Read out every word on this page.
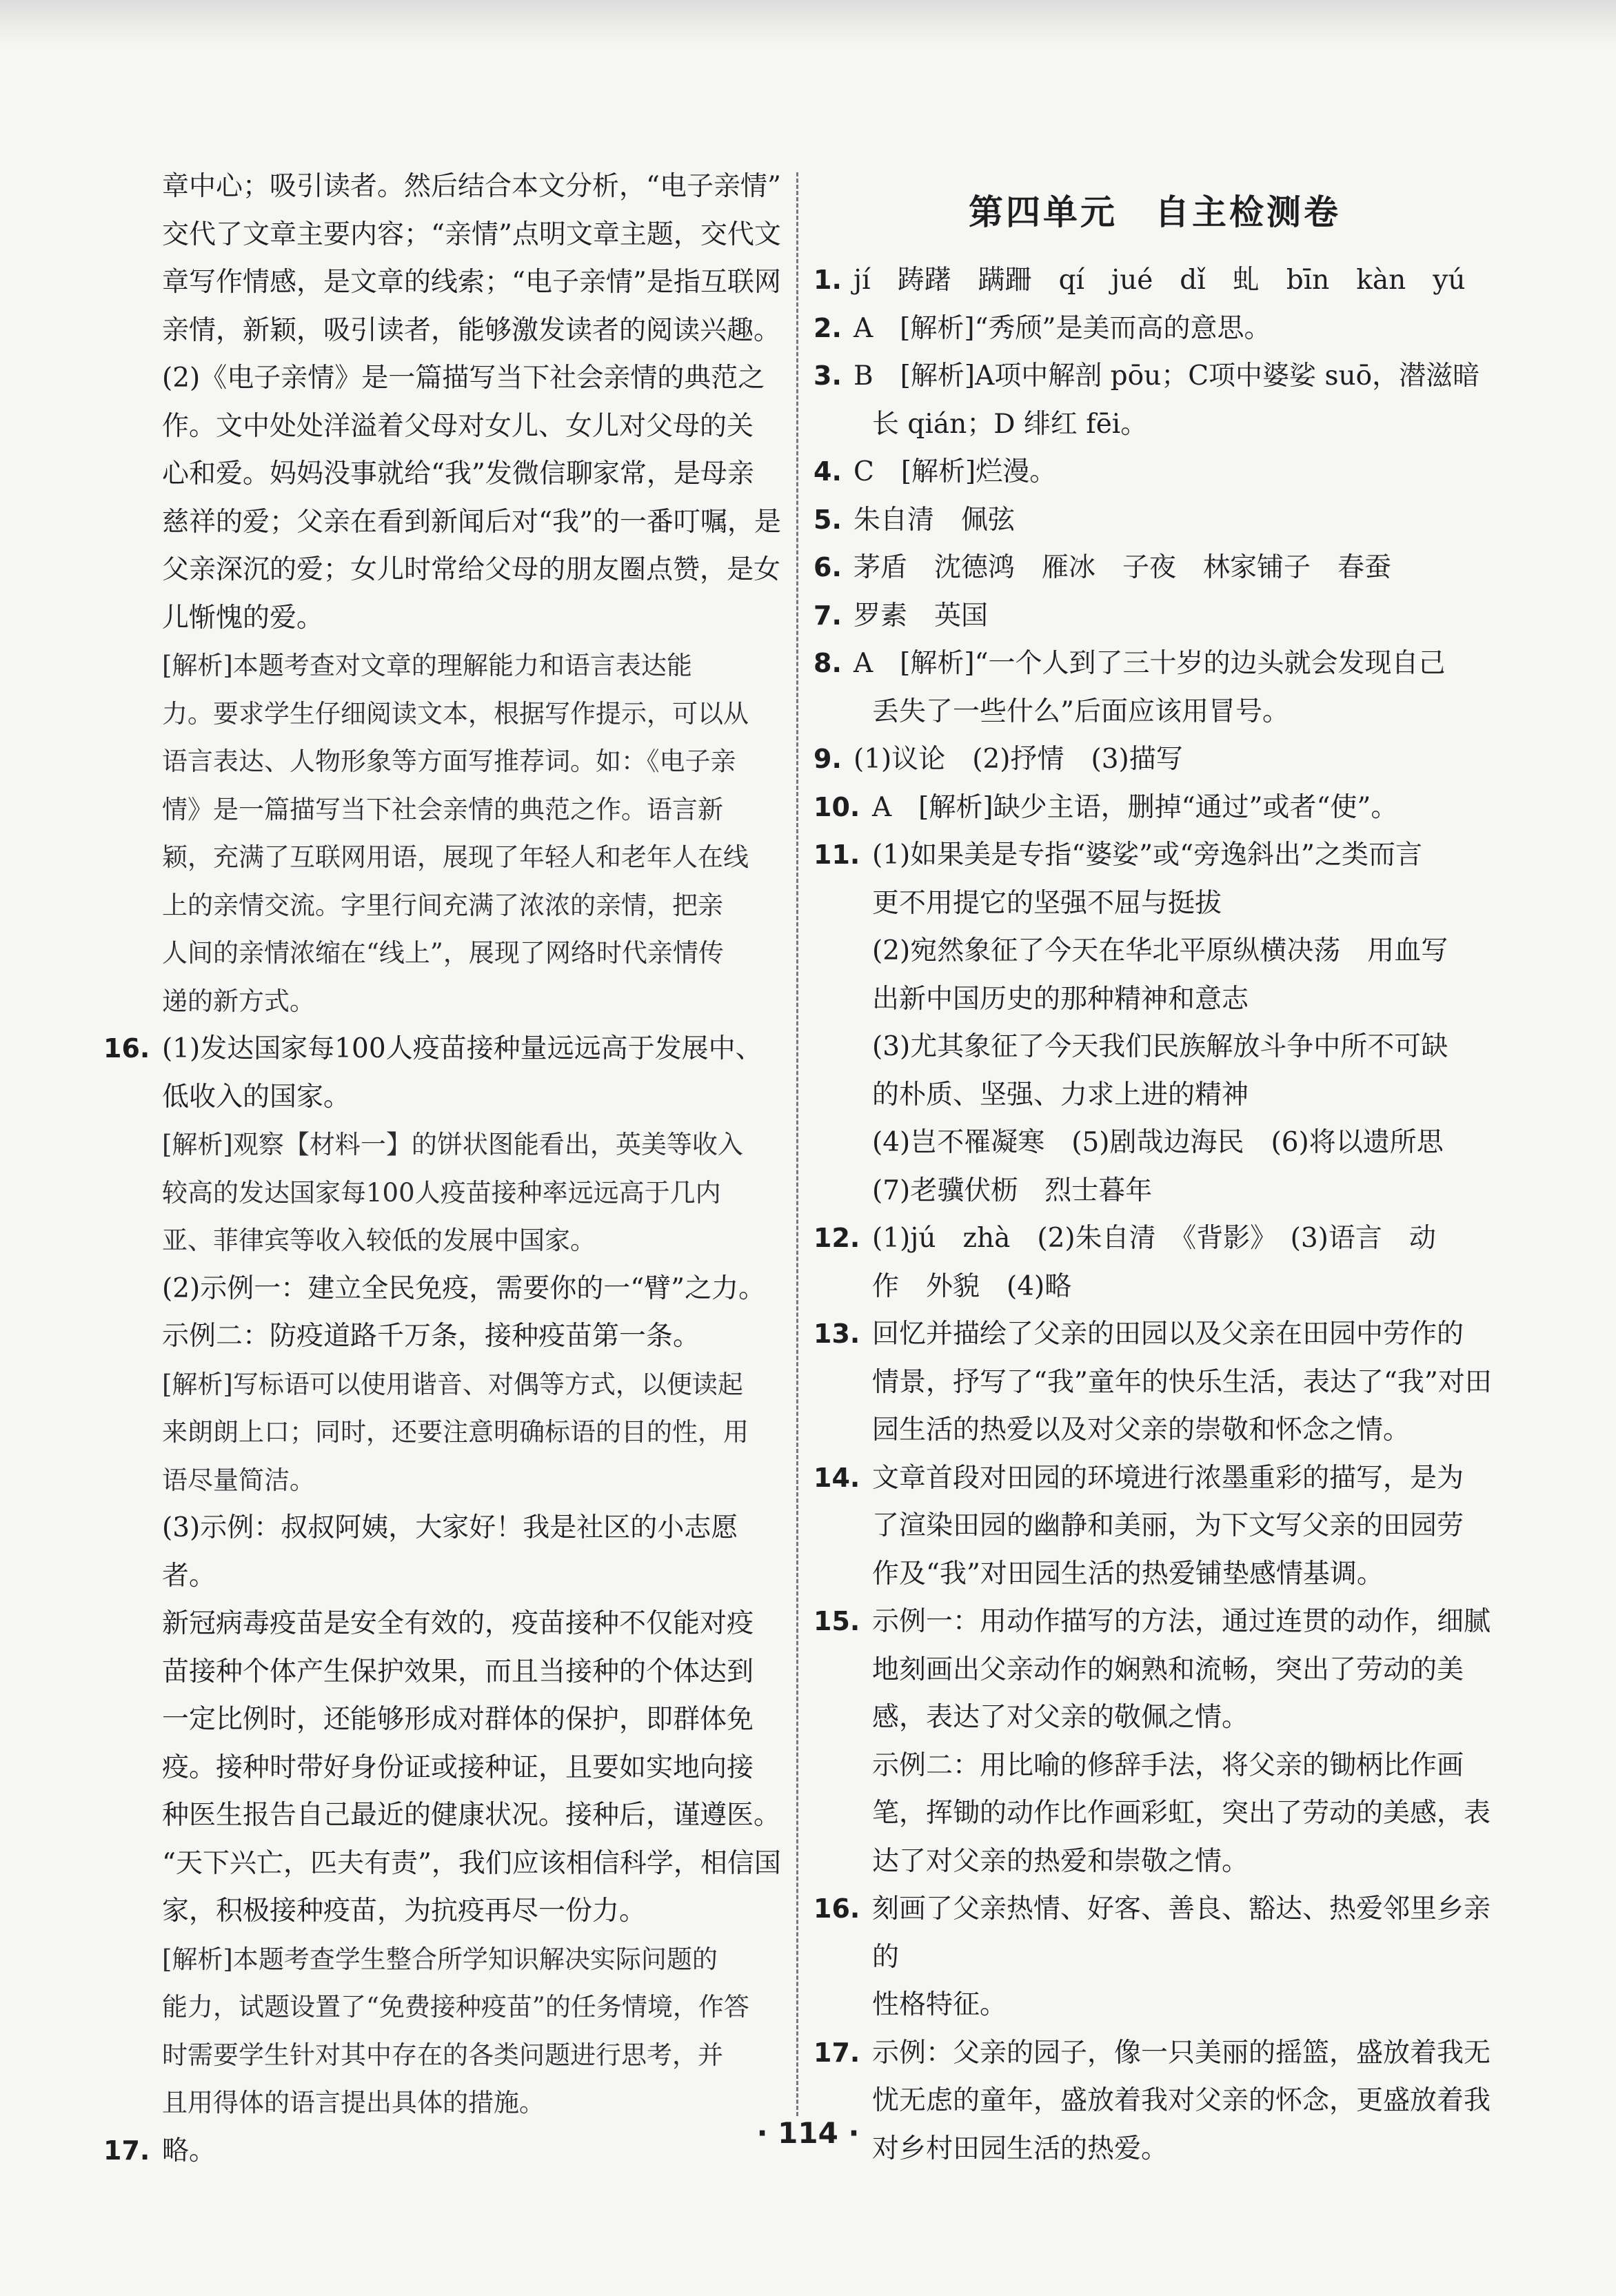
章中心；吸引读者。然后结合本文分析，“电子亲情”
交代了文章主要内容；“亲情”点明文章主题，交代文
章写作情感，是文章的线索；“电子亲情”是指互联网
亲情，新颖，吸引读者，能够激发读者的阅读兴趣。
(2)《电子亲情》是一篇描写当下社会亲情的典范之
作。文中处处洋溢着父母对女儿、女儿对父母的关
心和爱。妈妈没事就给“我”发微信聊家常，是母亲
慈祥的爱；父亲在看到新闻后对“我”的一番叮嘱，是
父亲深沉的爱；女儿时常给父母的朋友圈点赞，是女
儿惭愧的爱。
[解析]本题考查对文章的理解能力和语言表达能
力。要求学生仔细阅读文本，根据写作提示，可以从
语言表达、人物形象等方面写推荐词。如：《电子亲
情》是一篇描写当下社会亲情的典范之作。语言新
颖，充满了互联网用语，展现了年轻人和老年人在线
上的亲情交流。字里行间充满了浓浓的亲情，把亲
人间的亲情浓缩在“线上”，展现了网络时代亲情传
递的新方式。
16. (1)发达国家每100人疫苗接种量远远高于发展中、
低收入的国家。
[解析]观察【材料一】的饼状图能看出，英美等收入
较高的发达国家每100人疫苗接种率远远高于几内
亚、菲律宾等收入较低的发展中国家。
(2)示例一：建立全民免疫，需要你的一“臂”之力。
示例二：防疫道路千万条，接种疫苗第一条。
[解析]写标语可以使用谐音、对偶等方式，以便读起
来朗朗上口；同时，还要注意明确标语的目的性，用
语尽量简洁。
(3)示例：叔叔阿姨，大家好！我是社区的小志愿者。
新冠病毒疫苗是安全有效的，疫苗接种不仅能对疫
苗接种个体产生保护效果，而且当接种的个体达到
一定比例时，还能够形成对群体的保护，即群体免
疫。接种时带好身份证或接种证，且要如实地向接
种医生报告自己最近的健康状况。接种后，谨遵医。
“天下兴亡，匹夫有责”，我们应该相信科学，相信国
家，积极接种疫苗，为抗疫再尽一份力。
[解析]本题考查学生整合所学知识解决实际问题的
能力，试题设置了“免费接种疫苗”的任务情境，作答
时需要学生针对其中存在的各类问题进行思考，并
且用得体的语言提出具体的措施。
17. 略。
第四单元　自主检测卷
1. jí　踌躇　蹒跚　qí　jué　dǐ　虬　bīn　kàn　yú
2. A　[解析]“秀颀”是美而高的意思。
3. B　[解析]A项中解剖 pōu；C项中婆娑 suō，潜滋暗
长 qián；D 绯红 fēi。
4. C　[解析]烂漫。
5. 朱自清　佩弦
6. 茅盾　沈德鸿　雁冰　子夜　林家铺子　春蚕
7. 罗素　英国
8. A　[解析]“一个人到了三十岁的边头就会发现自己
丢失了一些什么”后面应该用冒号。
9. (1)议论　(2)抒情　(3)描写
10. A　[解析]缺少主语，删掉“通过”或者“使”。
11. (1)如果美是专指“婆娑”或“旁逸斜出”之类而言
更不用提它的坚强不屈与挺拔
(2)宛然象征了今天在华北平原纵横决荡　用血写
出新中国历史的那种精神和意志
(3)尤其象征了今天我们民族解放斗争中所不可缺
的朴质、坚强、力求上进的精神
(4)岂不罹凝寒　(5)剧哉边海民　(6)将以遗所思
(7)老骥伏枥　烈士暮年
12. (1)jú　zhà　(2)朱自清　《背影》　(3)语言　动
作　外貌　(4)略
13. 回忆并描绘了父亲的田园以及父亲在田园中劳作的
情景，抒写了“我”童年的快乐生活，表达了“我”对田
园生活的热爱以及对父亲的崇敬和怀念之情。
14. 文章首段对田园的环境进行浓墨重彩的描写，是为
了渲染田园的幽静和美丽，为下文写父亲的田园劳
作及“我”对田园生活的热爱铺垫感情基调。
15. 示例一：用动作描写的方法，通过连贯的动作，细腻
地刻画出父亲动作的娴熟和流畅，突出了劳动的美
感，表达了对父亲的敬佩之情。
示例二：用比喻的修辞手法，将父亲的锄柄比作画
笔，挥锄的动作比作画彩虹，突出了劳动的美感，表
达了对父亲的热爱和崇敬之情。
16. 刻画了父亲热情、好客、善良、豁达、热爱邻里乡亲的
性格特征。
17. 示例：父亲的园子，像一只美丽的摇篮，盛放着我无
忧无虑的童年，盛放着我对父亲的怀念，更盛放着我
对乡村田园生活的热爱。
· 114 ·
